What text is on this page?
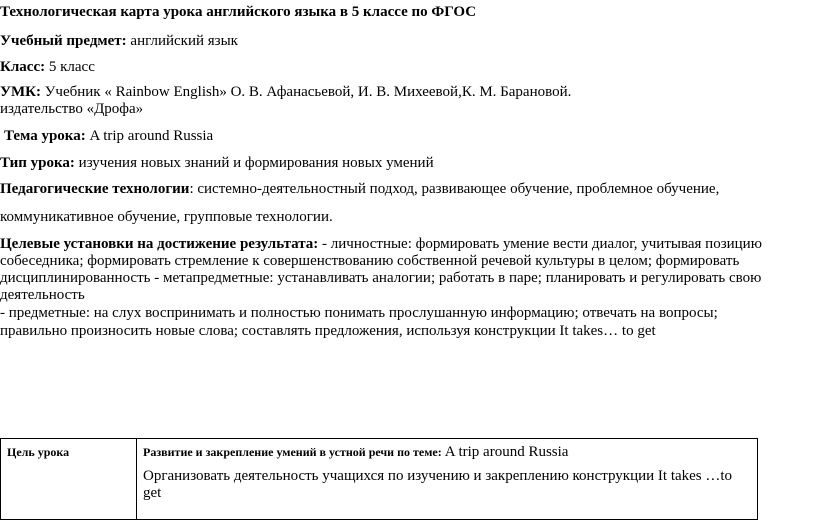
Технологическая карта урока английского языка в 5 классе по ФГОС
Учебный предмет: английский язык
Класс: 5 класс
УМК: Учебник « Rainbow English» О. В. Афанасьевой, И. В. Михеевой,К. М. Барановой.
издательство «Дрофа»
Тема урока: A trip around Russia
Тип урока: изучения новых знаний и формирования новых умений
Педагогические технологии: системно-деятельностный подход, развивающее обучение, проблемное обучение,
коммуникативное обучение, групповые технологии.
Целевые установки на достижение результата: - личностные: формировать умение вести диалог, учитывая позицию
собеседника; формировать стремление к совершенствованию собственной речевой культуры в целом; формировать
дисциплинированность - метапредметные: устанавливать аналогии; работать в паре; планировать и регулировать свою
деятельность
- предметные: на слух воспринимать и полностью понимать прослушанную информацию; отвечать на вопросы;
правильно произносить новые слова; составлять предложения, используя конструкции It takes… to get
Цель урока	Развитие и закрепление умений в устной речи по теме: A trip around Russia
Организовать деятельность учащихся по изучению и закреплению конструкции It takes …to get
